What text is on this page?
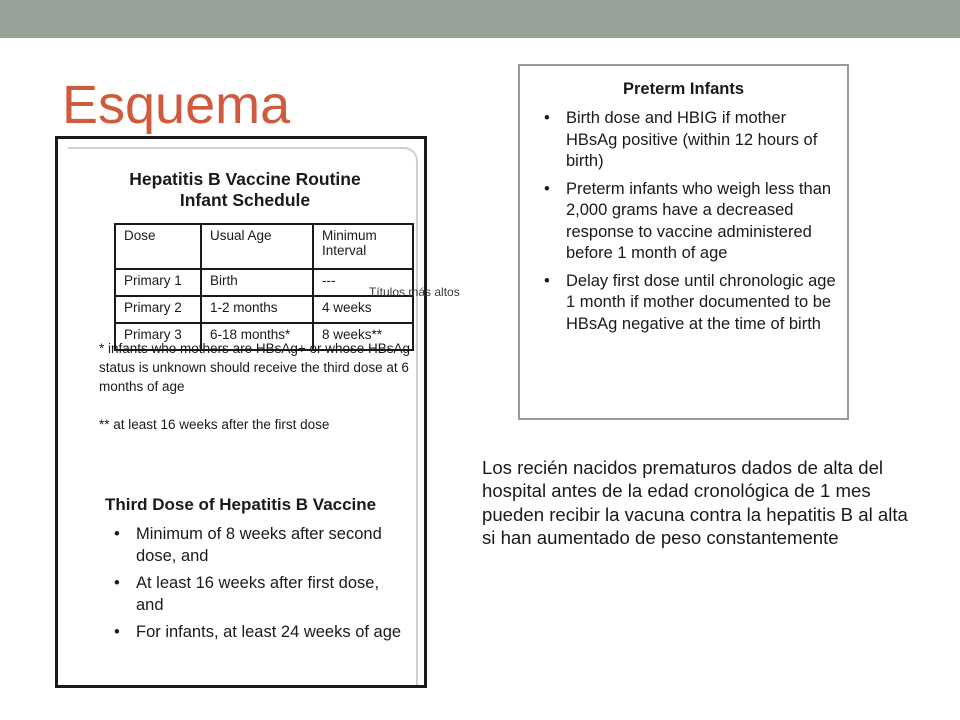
Esquema
Hepatitis B Vaccine Routine
Infant Schedule
Dose	Usual Age	Minimum Interval
Primary 1	Birth	---
Primary 2	1-2 months	4 weeks
Primary 3	6-18 months*	8 weeks**
* infants who mothers are HBsAg+ or whose HBsAg status is unknown should receive the third dose at 6 months of age
** at least 16 weeks after the first dose
Third Dose of Hepatitis B Vaccine
• Minimum of 8 weeks after second dose, and
• At least 16 weeks after first dose, and
• For infants, at least 24 weeks of age
Preterm Infants
• Birth dose and HBIG if mother HBsAg positive (within 12 hours of birth)
• Preterm infants who weigh less than 2,000 grams have a decreased response to vaccine administered before 1 month of age
• Delay first dose until chronologic age 1 month if mother documented to be HBsAg negative at the time of birth
Títulos más altos
Los recién nacidos prematuros dados de alta del hospital antes de la edad cronológica de 1 mes pueden recibir la vacuna contra la hepatitis B al alta si han aumentado de peso constantemente
